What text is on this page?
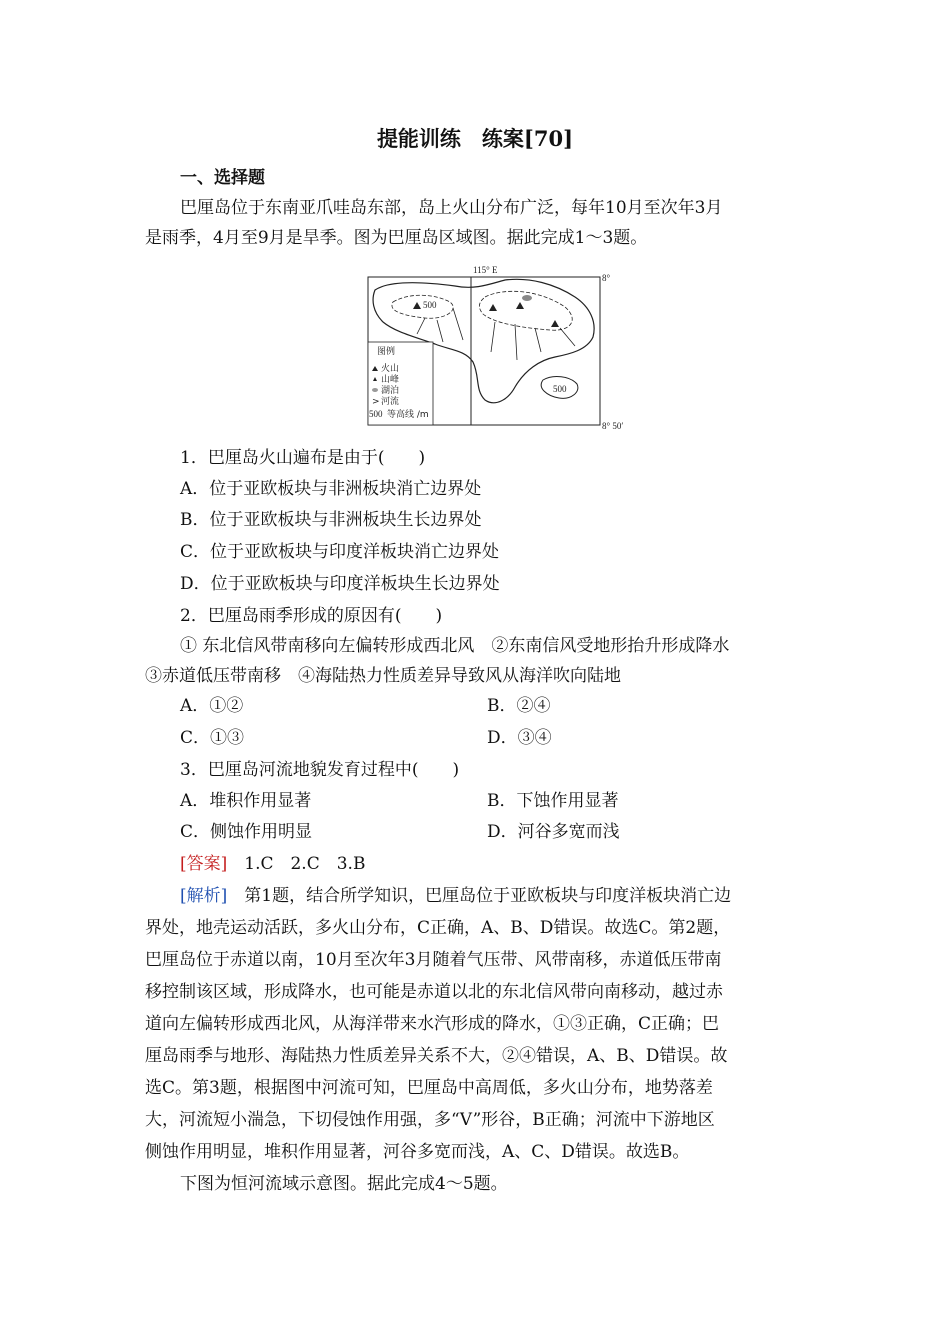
提能训练　练案[70]
一、选择题
巴厘岛位于东南亚爪哇岛东部，岛上火山分布广泛，每年10月至次年3月
是雨季，4月至9月是旱季。图为巴厘岛区域图。据此完成1～3题。
115° E
8°
8° 50′
500
500
图例
火山
山峰
湖泊
> 河流
500 等高线 /m
1．巴厘岛火山遍布是由于(　　)
A．位于亚欧板块与非洲板块消亡边界处
B．位于亚欧板块与非洲板块生长边界处
C．位于亚欧板块与印度洋板块消亡边界处
D．位于亚欧板块与印度洋板块生长边界处
2．巴厘岛雨季形成的原因有(　　)
① 东北信风带南移向左偏转形成西北风　②东南信风受地形抬升形成降水
③赤道低压带南移　④海陆热力性质差异导致风从海洋吹向陆地
A．①②	B．②④
C．①③	D．③④
3．巴厘岛河流地貌发育过程中(　　)
A．堆积作用显著	B．下蚀作用显著
C．侧蚀作用明显	D．河谷多宽而浅
[答案]　1.C　2.C　3.B
[解析]　第1题，结合所学知识，巴厘岛位于亚欧板块与印度洋板块消亡边
界处，地壳运动活跃，多火山分布，C正确，A、B、D错误。故选C。第2题，
巴厘岛位于赤道以南，10月至次年3月随着气压带、风带南移，赤道低压带南
移控制该区域，形成降水，也可能是赤道以北的东北信风带向南移动，越过赤
道向左偏转形成西北风，从海洋带来水汽形成的降水，①③正确，C正确；巴
厘岛雨季与地形、海陆热力性质差异关系不大，②④错误，A、B、D错误。故
选C。第3题，根据图中河流可知，巴厘岛中高周低，多火山分布，地势落差
大，河流短小湍急，下切侵蚀作用强，多“V”形谷，B正确；河流中下游地区
侧蚀作用明显，堆积作用显著，河谷多宽而浅，A、C、D错误。故选B。
下图为恒河流域示意图。据此完成4～5题。
